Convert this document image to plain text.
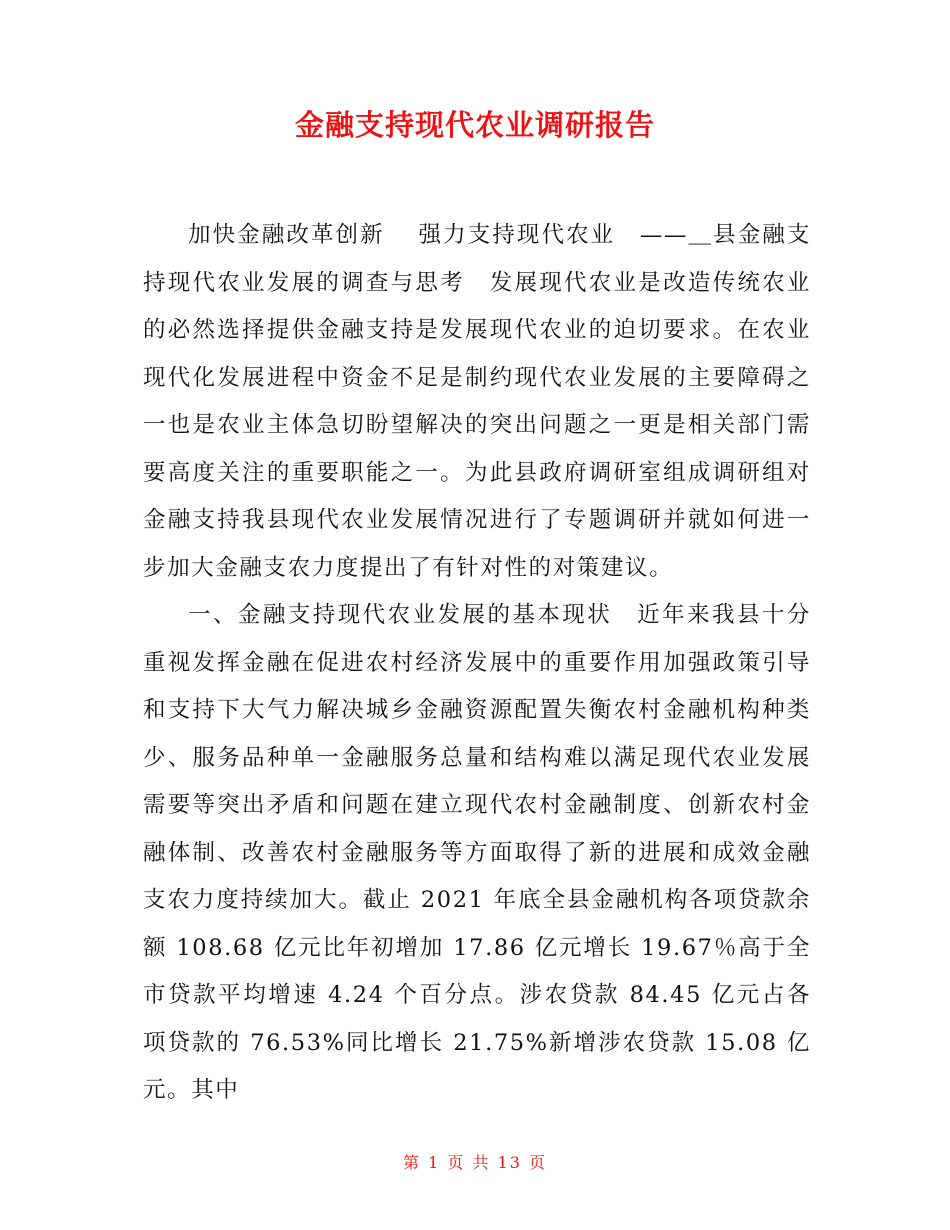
金融支持现代农业调研报告

加快金融改革创新　 强力支持现代农业　——＿县金融支持现代农业发展的调查与思考　发展现代农业是改造传统农业的必然选择提供金融支持是发展现代农业的迫切要求。在农业现代化发展进程中资金不足是制约现代农业发展的主要障碍之一也是农业主体急切盼望解决的突出问题之一更是相关部门需要高度关注的重要职能之一。为此县政府调研室组成调研组对金融支持我县现代农业发展情况进行了专题调研并就如何进一步加大金融支农力度提出了有针对性的对策建议。

一、金融支持现代农业发展的基本现状　近年来我县十分重视发挥金融在促进农村经济发展中的重要作用加强政策引导和支持下大气力解决城乡金融资源配置失衡农村金融机构种类少、服务品种单一金融服务总量和结构难以满足现代农业发展需要等突出矛盾和问题在建立现代农村金融制度、创新农村金融体制、改善农村金融服务等方面取得了新的进展和成效金融支农力度持续加大。截止 2021 年底全县金融机构各项贷款余额 108.68 亿元比年初增加 17.86 亿元增长 19.67％高于全市贷款平均增速 4.24 个百分点。涉农贷款 84.45 亿元占各项贷款的 76.53%同比增长 21.75%新增涉农贷款 15.08 亿元。其中

第 1 页 共 13 页
